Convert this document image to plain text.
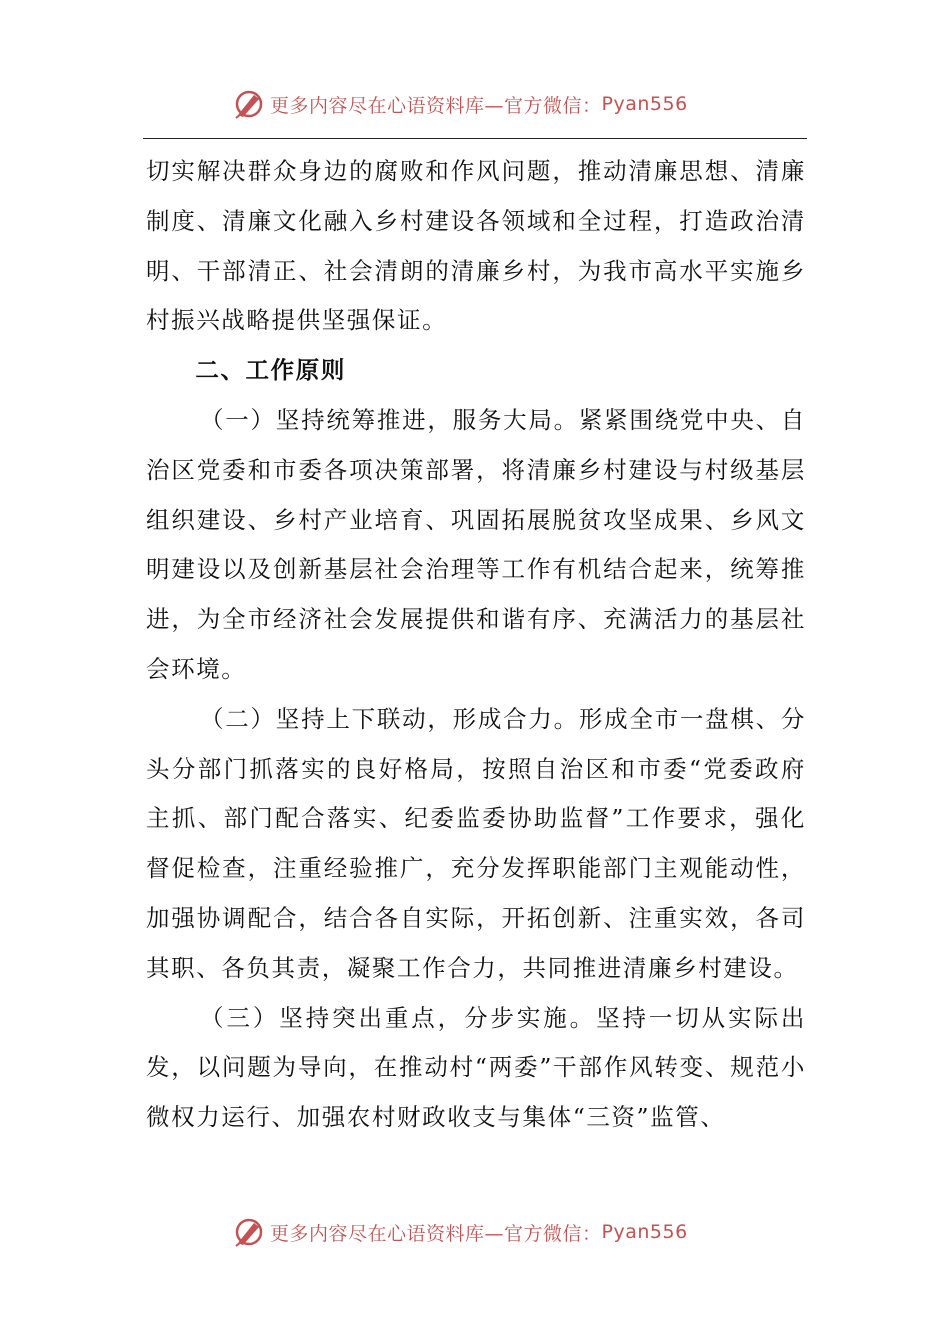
更多内容尽在心语资料库—官方微信： Pyan556

切实解决群众身边的腐败和作风问题，推动清廉思想、清廉制度、清廉文化融入乡村建设各领域和全过程，打造政治清明、干部清正、社会清朗的清廉乡村，为我市高水平实施乡村振兴战略提供坚强保证。

二、工作原则

（一）坚持统筹推进，服务大局。紧紧围绕党中央、自治区党委和市委各项决策部署，将清廉乡村建设与村级基层组织建设、乡村产业培育、巩固拓展脱贫攻坚成果、乡风文明建设以及创新基层社会治理等工作有机结合起来，统筹推进，为全市经济社会发展提供和谐有序、充满活力的基层社会环境。

（二）坚持上下联动，形成合力。形成全市一盘棋、分头分部门抓落实的良好格局，按照自治区和市委“党委政府主抓、部门配合落实、纪委监委协助监督”工作要求，强化督促检查，注重经验推广，充分发挥职能部门主观能动性，加强协调配合，结合各自实际，开拓创新、注重实效，各司其职、各负其责，凝聚工作合力，共同推进清廉乡村建设。

（三）坚持突出重点，分步实施。坚持一切从实际出发，以问题为导向，在推动村“两委”干部作风转变、规范小微权力运行、加强农村财政收支与集体“三资”监管、

更多内容尽在心语资料库—官方微信： Pyan556
